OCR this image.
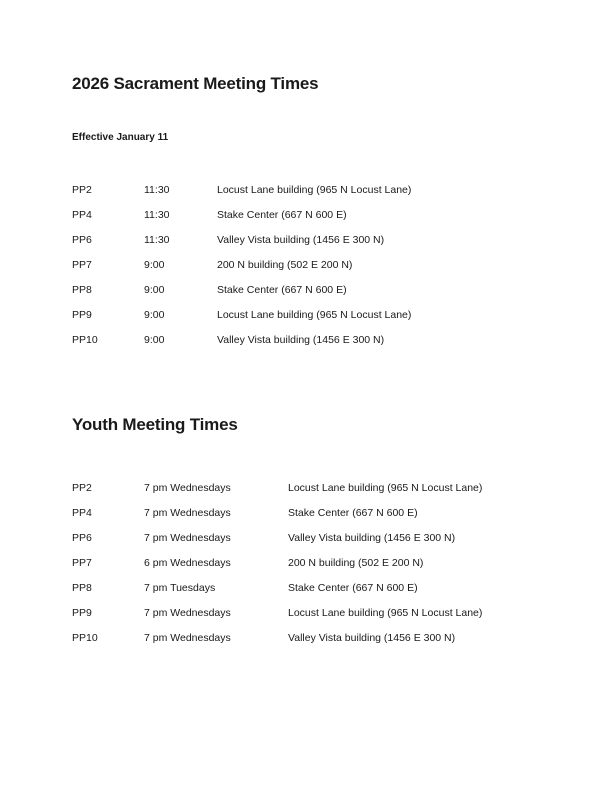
2026 Sacrament Meeting Times
Effective January 11
PP2	11:30	Locust Lane building (965 N Locust Lane)
PP4	11:30	Stake Center (667 N 600 E)
PP6	11:30	Valley Vista building (1456 E 300 N)
PP7	9:00	200 N building (502 E 200 N)
PP8	9:00	Stake Center (667 N 600 E)
PP9	9:00	Locust Lane building (965 N Locust Lane)
PP10	9:00	Valley Vista building (1456 E 300 N)
Youth Meeting Times
PP2	7 pm Wednesdays	Locust Lane building (965 N Locust Lane)
PP4	7 pm Wednesdays	Stake Center (667 N 600 E)
PP6	7 pm Wednesdays	Valley Vista building (1456 E 300 N)
PP7	6 pm Wednesdays	200 N building (502 E 200 N)
PP8	7 pm Tuesdays	Stake Center (667 N 600 E)
PP9	7 pm Wednesdays	Locust Lane building (965 N Locust Lane)
PP10	7 pm Wednesdays	Valley Vista building (1456 E 300 N)
